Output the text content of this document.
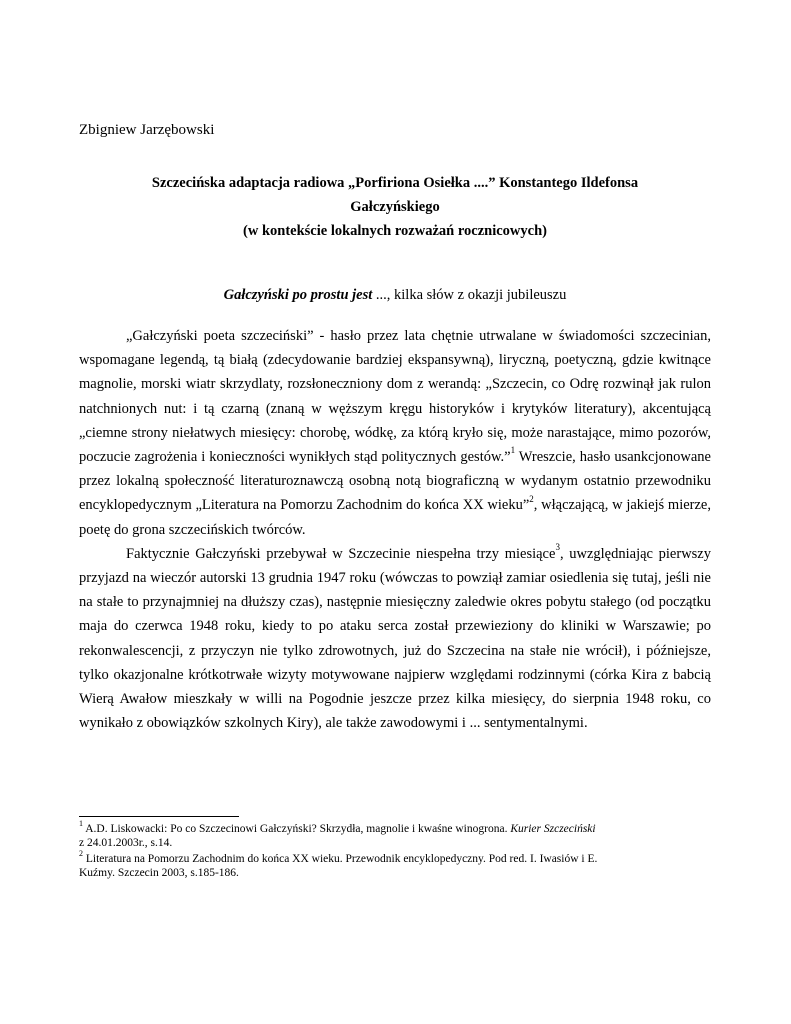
Zbigniew Jarzębowski
Szczecińska adaptacja radiowa „Porfiriona Osiełka ....” Konstantego Ildefonsa
Gałczyńskiego
(w kontekście lokalnych rozważań rocznicowych)
Gałczyński po prostu jest ..., kilka słów z okazji jubileuszu

„Gałczyński poeta szczeciński” - hasło przez lata chętnie utrwalane w świadomości szczecinian, wspomagane legendą, tą białą (zdecydowanie bardziej ekspansywną), liryczną, poetyczną, gdzie kwitnące magnolie, morski wiatr skrzydlaty, rozsłoneczniony dom z werandą: „Szczecin, co Odrę rozwinął jak rulon natchnionych nut: i tą czarną (znaną w węższym kręgu historyków i krytyków literatury), akcentującą „ciemne strony niełatwych miesięcy: chorobę, wódkę, za którą kryło się, może narastające, mimo pozorów, poczucie zagrożenia i konieczności wynikłych stąd politycznych gestów.”$^1$ Wreszcie, hasło usankcjonowane przez lokalną społeczność literaturoznawczą osobną notą biograficzną w wydanym ostatnio przewodniku encyklopedycznym „Literatura na Pomorzu Zachodnim do końca XX wieku”$^2$, włączającą, w jakiejś mierze, poetę do grona szczecińskich twórców.

Faktycznie Gałczyński przebywał w Szczecinie niespełna trzy miesiące$^3$, uwzględniając pierwszy przyjazd na wieczór autorski 13 grudnia 1947 roku (wówczas to powziął zamiar osiedlenia się tutaj, jeśli nie na stałe to przynajmniej na dłuższy czas), następnie miesięczny zaledwie okres pobytu stałego (od początku maja do czerwca 1948 roku, kiedy to po ataku serca został przewieziony do kliniki w Warszawie; po rekonwalescencji, z przyczyn nie tylko zdrowotnych, już do Szczecina na stałe nie wrócił), i późniejsze, tylko okazjonalne krótkotrwałe wizyty motywowane najpierw względami rodzinnymi (córka Kira z babcią Wierą Awałow mieszkały w willi na Pogodnie jeszcze przez kilka miesięcy, do sierpnia 1948 roku, co wynikało z obowiązków szkolnych Kiry), ale także zawodowymi i ... sentymentalnymi.

$^1$ A.D. Liskowacki: Po co Szczecinowi Gałczyński? Skrzydła, magnolie i kwaśne winogrona. Kurier Szczeciński z 24.01.2003r., s.14.
$^2$ Literatura na Pomorzu Zachodnim do końca XX wieku. Przewodnik encyklopedyczny. Pod red. I. Iwasiów i E. Kuźmy. Szczecin 2003, s.185-186.
